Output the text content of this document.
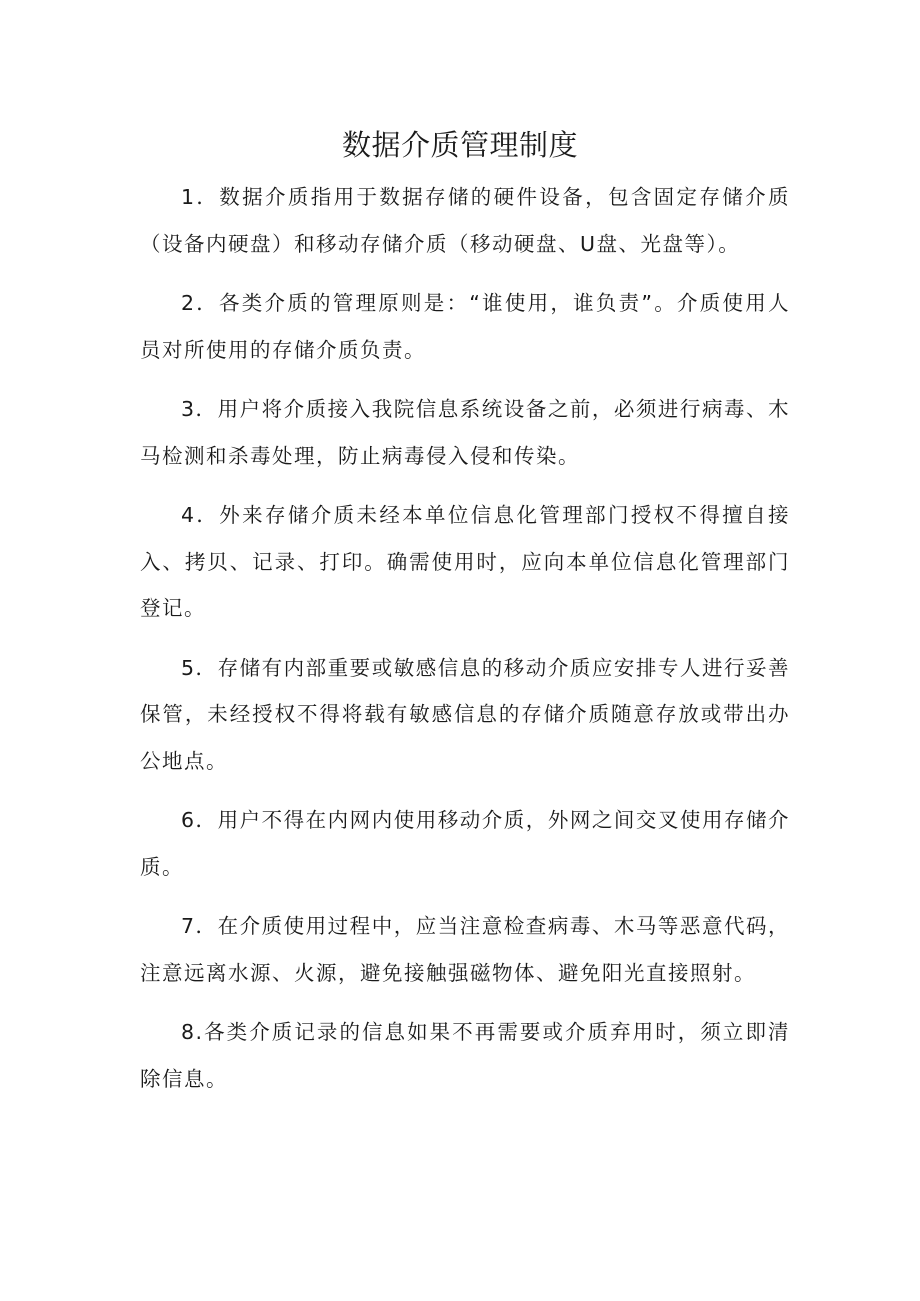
数据介质管理制度

1．数据介质指用于数据存储的硬件设备，包含固定存储介质（设备内硬盘）和移动存储介质（移动硬盘、U盘、光盘等）。

2．各类介质的管理原则是：“谁使用，谁负责”。介质使用人员对所使用的存储介质负责。

3．用户将介质接入我院信息系统设备之前，必须进行病毒、木马检测和杀毒处理，防止病毒侵入侵和传染。

4．外来存储介质未经本单位信息化管理部门授权不得擅自接入、拷贝、记录、打印。确需使用时，应向本单位信息化管理部门登记。

5．存储有内部重要或敏感信息的移动介质应安排专人进行妥善保管，未经授权不得将载有敏感信息的存储介质随意存放或带出办公地点。

6．用户不得在内网内使用移动介质，外网之间交叉使用存储介质。

7．在介质使用过程中，应当注意检查病毒、木马等恶意代码，注意远离水源、火源，避免接触强磁物体、避免阳光直接照射。

8.各类介质记录的信息如果不再需要或介质弃用时，须立即清除信息。
